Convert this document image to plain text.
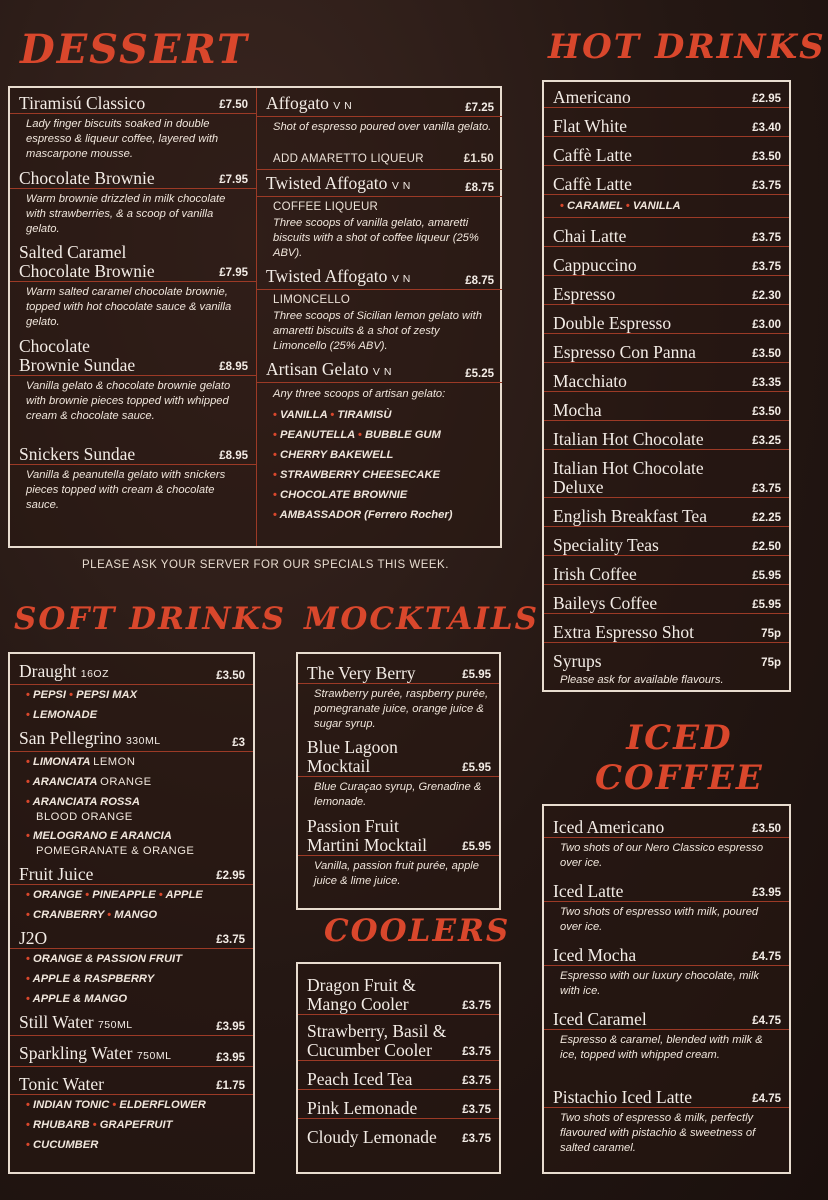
DESSERT	HOT DRINKS
SOFT DRINKS MOCKTAILS
COOLERS
ICED
COFFEE
Tiramisú Classico	£7.50
Lady finger biscuits soaked in double espresso & liqueur coffee, layered with mascarpone mousse.
Chocolate Brownie	£7.95
Warm brownie drizzled in milk chocolate with strawberries, & a scoop of vanilla gelato.
Salted Caramel
Chocolate Brownie	£7.95
Warm salted caramel chocolate brownie, topped with hot chocolate sauce & vanilla gelato.
Chocolate
Brownie Sundae	£8.95
Vanilla gelato & chocolate brownie gelato with brownie pieces topped with whipped cream & chocolate sauce.
Snickers Sundae	£8.95
Vanilla & peanutella gelato with snickers pieces topped with cream & chocolate sauce.
Affogato V N	£7.25
Shot of espresso poured over vanilla gelato.
ADD AMARETTO LIQUEUR	£1.50
Twisted Affogato V N	£8.75
COFFEE LIQUEUR
Three scoops of vanilla gelato, amaretti biscuits with a shot of coffee liqueur (25% ABV).
Twisted Affogato V N	£8.75
LIMONCELLO
Three scoops of Sicilian lemon gelato with amaretti biscuits & a shot of zesty Limoncello (25% ABV).
Artisan Gelato V N	£5.25
Any three scoops of artisan gelato:
• VANILLA • TIRAMISÙ
• PEANUTELLA • BUBBLE GUM
• CHERRY BAKEWELL
• STRAWBERRY CHEESECAKE
• CHOCOLATE BROWNIE
• AMBASSADOR (Ferrero Rocher)
PLEASE ASK YOUR SERVER FOR OUR SPECIALS THIS WEEK.
Americano	£2.95
Flat White	£3.40
Caffè Latte	£3.50
Caffè Latte	£3.75
• CARAMEL • VANILLA
Chai Latte	£3.75
Cappuccino	£3.75
Espresso	£2.30
Double Espresso	£3.00
Espresso Con Panna	£3.50
Macchiato	£3.35
Mocha	£3.50
Italian Hot Chocolate	£3.25
Italian Hot Chocolate
Deluxe	£3.75
English Breakfast Tea	£2.25
Speciality Teas	£2.50
Irish Coffee	£5.95
Baileys Coffee	£5.95
Extra Espresso Shot	75p
Syrups	75p
Please ask for available flavours.
Draught 16OZ	£3.50
• PEPSI • PEPSI MAX
• LEMONADE
San Pellegrino 330ML	£3
• LIMONATA LEMON
• ARANCIATA ORANGE
• ARANCIATA ROSSA
BLOOD ORANGE
• MELOGRANO E ARANCIA
POMEGRANATE & ORANGE
Fruit Juice	£2.95
• ORANGE • PINEAPPLE • APPLE
• CRANBERRY • MANGO
J2O	£3.75
• ORANGE & PASSION FRUIT
• APPLE & RASPBERRY
• APPLE & MANGO
Still Water 750ML	£3.95
Sparkling Water 750ML	£3.95
Tonic Water	£1.75
• INDIAN TONIC • ELDERFLOWER
• RHUBARB • GRAPEFRUIT
• CUCUMBER
The Very Berry	£5.95
Strawberry purée, raspberry purée, pomegranate juice, orange juice & sugar syrup.
Blue Lagoon
Mocktail	£5.95
Blue Curaçao syrup, Grenadine & lemonade.
Passion Fruit
Martini Mocktail	£5.95
Vanilla, passion fruit purée, apple juice & lime juice.
Dragon Fruit &
Mango Cooler	£3.75
Strawberry, Basil &
Cucumber Cooler	£3.75
Peach Iced Tea	£3.75
Pink Lemonade	£3.75
Cloudy Lemonade £3.75
Iced Americano	£3.50
Two shots of our Nero Classico espresso over ice.
Iced Latte	£3.95
Two shots of espresso with milk, poured over ice.
Iced Mocha	£4.75
Espresso with our luxury chocolate, milk with ice.
Iced Caramel	£4.75
Espresso & caramel, blended with milk & ice, topped with whipped cream.
Pistachio Iced Latte	£4.75
Two shots of espresso & milk, perfectly flavoured with pistachio & sweetness of salted caramel.
